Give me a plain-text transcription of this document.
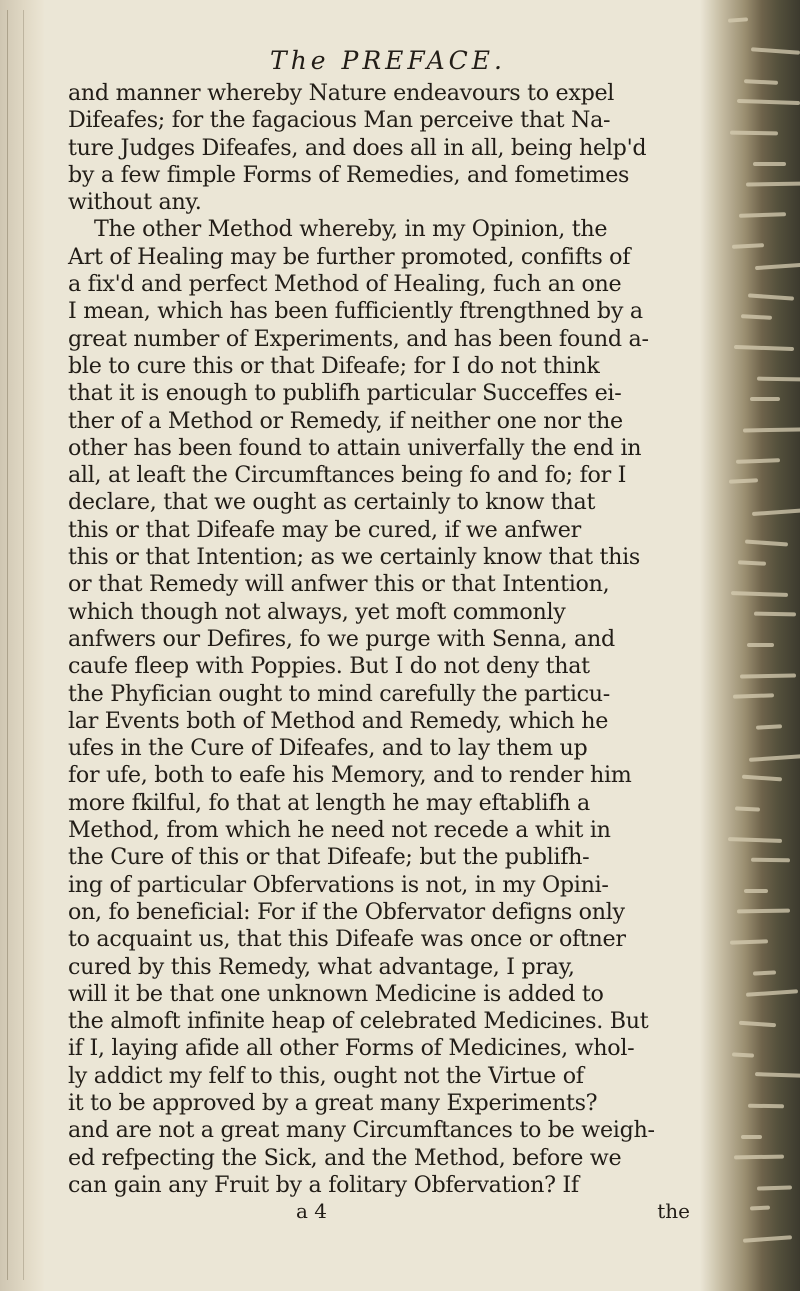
The PREFACE.
and manner whereby Nature endeavours to expel
Difeafes; for the fagacious Man perceive that Na-
ture Judges Difeafes, and does all in all, being help'd
by a few fimple Forms of Remedies, and fometimes
without any.
The other Method whereby, in my Opinion, the
Art of Healing may be further promoted, confifts of
a fix'd and perfect Method of Healing, fuch an one
I mean, which has been fufficiently ftrengthned by a
great number of Experiments, and has been found a-
ble to cure this or that Difeafe; for I do not think
that it is enough to publifh particular Succeffes ei-
ther of a Method or Remedy, if neither one nor the
other has been found to attain univerfally the end in
all, at leaft the Circumftances being fo and fo; for I
declare, that we ought as certainly to know that
this or that Difeafe may be cured, if we anfwer
this or that Intention; as we certainly know that this
or that Remedy will anfwer this or that Intention,
which though not always, yet moft commonly
anfwers our Defires, fo we purge with Senna, and
caufe fleep with Poppies. But I do not deny that
the Phyfician ought to mind carefully the particu-
lar Events both of Method and Remedy, which he
ufes in the Cure of Difeafes, and to lay them up
for ufe, both to eafe his Memory, and to render him
more fkilful, fo that at length he may eftablifh a
Method, from which he need not recede a whit in
the Cure of this or that Difeafe; but the publifh-
ing of particular Obfervations is not, in my Opini-
on, fo beneficial: For if the Obfervator defigns only
to acquaint us, that this Difeafe was once or oftner
cured by this Remedy, what advantage, I pray,
will it be that one unknown Medicine is added to
the almoft infinite heap of celebrated Medicines. But
if I, laying afide all other Forms of Medicines, whol-
ly addict my felf to this, ought not the Virtue of
it to be approved by a great many Experiments?
and are not a great many Circumftances to be weigh-
ed refpecting the Sick, and the Method, before we
can gain any Fruit by a folitary Obfervation? If
a 4	the
